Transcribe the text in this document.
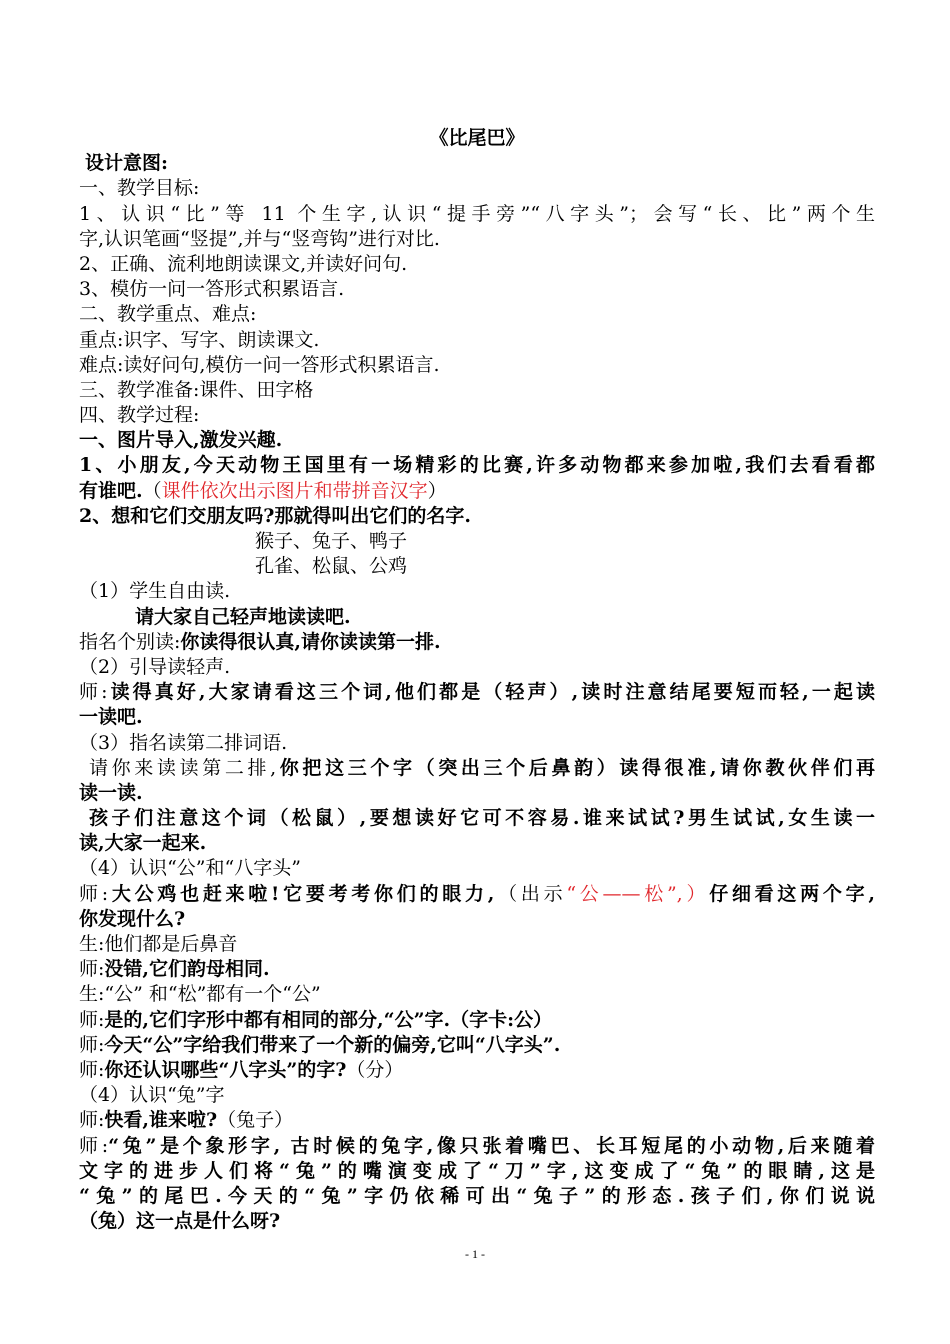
《比尾巴》
设计意图:
一、教学目标:
1、认识“比”等 11 个生字,认识“提手旁”“八字头”；会写“长、比”两个生
字,认识笔画“竖提”,并与“竖弯钩”进行对比.
2、正确、流利地朗读课文,并读好问句.
3、模仿一问一答形式积累语言.
二、教学重点、难点:
重点:识字、写字、朗读课文.
难点:读好问句,模仿一问一答形式积累语言.
三、教学准备:课件、田字格
四、教学过程:
一、图片导入,激发兴趣.
1、小朋友,今天动物王国里有一场精彩的比赛,许多动物都来参加啦,我们去看看都
有谁吧.（课件依次出示图片和带拼音汉字）
2、想和它们交朋友吗?那就得叫出它们的名字.
猴子、兔子、鸭子
孔雀、松鼠、公鸡
（1）学生自由读.
请大家自己轻声地读读吧.
指名个别读:你读得很认真,请你读读第一排.
（2）引导读轻声.
师:读得真好,大家请看这三个词,他们都是（轻声）,读时注意结尾要短而轻,一起读
一读吧.
（3）指名读第二排词语.
请你来读读第二排,你把这三个字（突出三个后鼻韵）读得很准,请你教伙伴们再
读一读.
孩子们注意这个词（松鼠）,要想读好它可不容易.谁来试试?男生试试,女生读一
读,大家一起来.
（4）认识“公”和“八字头”
师:大公鸡也赶来啦!它要考考你们的眼力,（出示“公——松”,）仔细看这两个字,
你发现什么?
生:他们都是后鼻音
师:没错,它们韵母相同.
生:“公” 和“松”都有一个“公”
师:是的,它们字形中都有相同的部分,“公”字.（字卡:公）
师:今天“公”字给我们带来了一个新的偏旁,它叫“八字头”.
师:你还认识哪些“八字头”的字?（分）
（4）认识“兔”字
师:快看,谁来啦?（兔子）
师:“兔”是个象形字, 古时候的兔字,像只张着嘴巴、长耳短尾的小动物,后来随着
文字的进步人们将“兔”的嘴演变成了“刀”字,这变成了“兔”的眼睛,这是
“兔”的尾巴.今天的“兔”字仍依稀可出“兔子”的形态.孩子们,你们说说
（兔）这一点是什么呀?
- 1 -
